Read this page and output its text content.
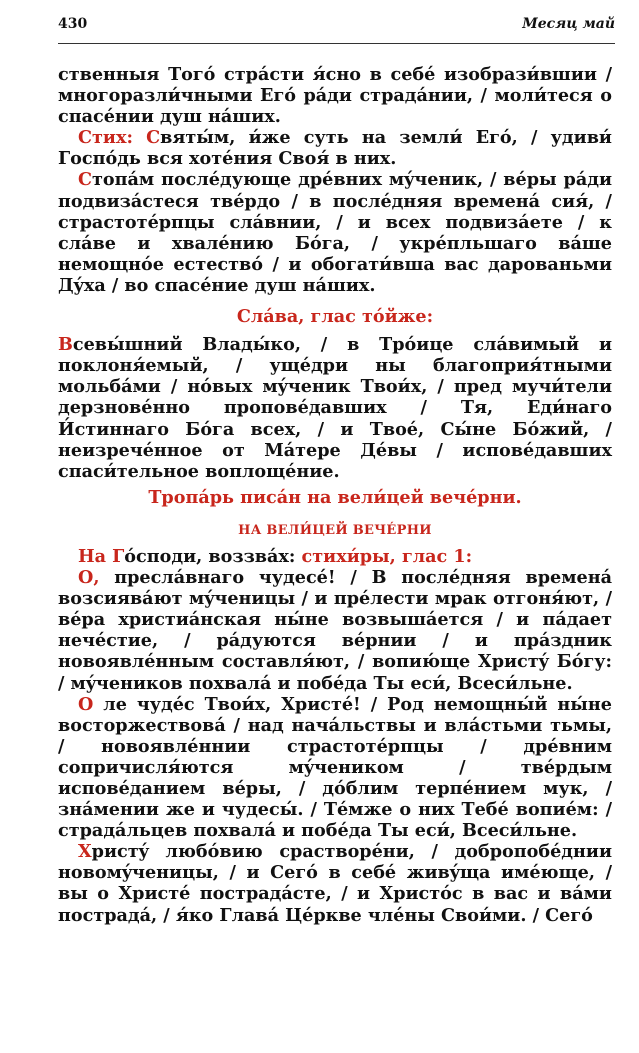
430	Месяц май

ственныя Тогó стрáсти я́сно в себé изобрази́вшии / многоразли́чными Егó рáди страдáнии, / моли́теся о спасéнии душ нáших.

Стих: Святы́м, и́же суть на земли́ Егó, / удиви́ Госпóдь вся хотéния Своя́ в них.

Стопáм послéдующе дрéвних мýченик, / вéры рáди подвизáстеся твéрдо / в послéдняя временá сия́, / страстотéрпцы слáвнии, / и всех подвизáете / к слáве и хвалéнию Бóга, / укрéпльшаго вáше немощнóе естествó / и обогати́вша вас дарованьми Дýха / во спасéние душ нáших.

Слáва, глас тóйже:

Всевы́шний Влады́ко, / в Трóице слáвимый и поклоня́емый, / ущéдри ны благоприя́тными мольбáми / нóвых мýченик Твои́х, / пред мучи́тели дерзновéнно проповéдавших / Тя, Еди́наго И́стиннаго Бóга всех, / и Твоé, Сы́не Бóжий, / неизречéнное от Мáтере Дéвы / исповéдавших спаси́тельное воплощéние.

Тропáрь писáн на вели́цей вечéрни.
НА ВЕЛИ́ЦЕЙ ВЕЧÉРНИ

На Гóсподи, воззвáх: стихи́ры, глас 1:

О, преслáвнаго чудесé! / В послéдняя временá возсиявáют мýченицы / и прéлести мрак отгоня́ют, / вéра христиáнская ны́не возвышáется / и пáдает нечéстие, / рáдуются вéрнии / и прáздник новоявлéнным составля́ют, / вопию́ще Христý Бóгу: / мýчеников похвалá и побéда Ты еси́, Всеси́льне.

О ле чудéс Твои́х, Христé! / Род немощны́й ны́не восторжествовá / над начáльствы и влáстьми тьмы, / новоявлéннии страстотéрпцы / дрéвним сопричисля́ются мýчеником / твéрдым исповéданием вéры, / дóблим терпéнием мук, / знáмении же и чудесы́. / Тéмже о них Тебé вопиéм: / страдáльцев похвалá и побéда Ты еси́, Всеси́льне.

Христý любóвию срастворéни, / добропобéднии новомýченицы, / и Сегó в себé живýща имéюще, / вы о Христé пострадáсте, / и Христóс в вас и вáми пострадá, / я́ко Главá Цéркве члéны Свои́ми. / Сегó
